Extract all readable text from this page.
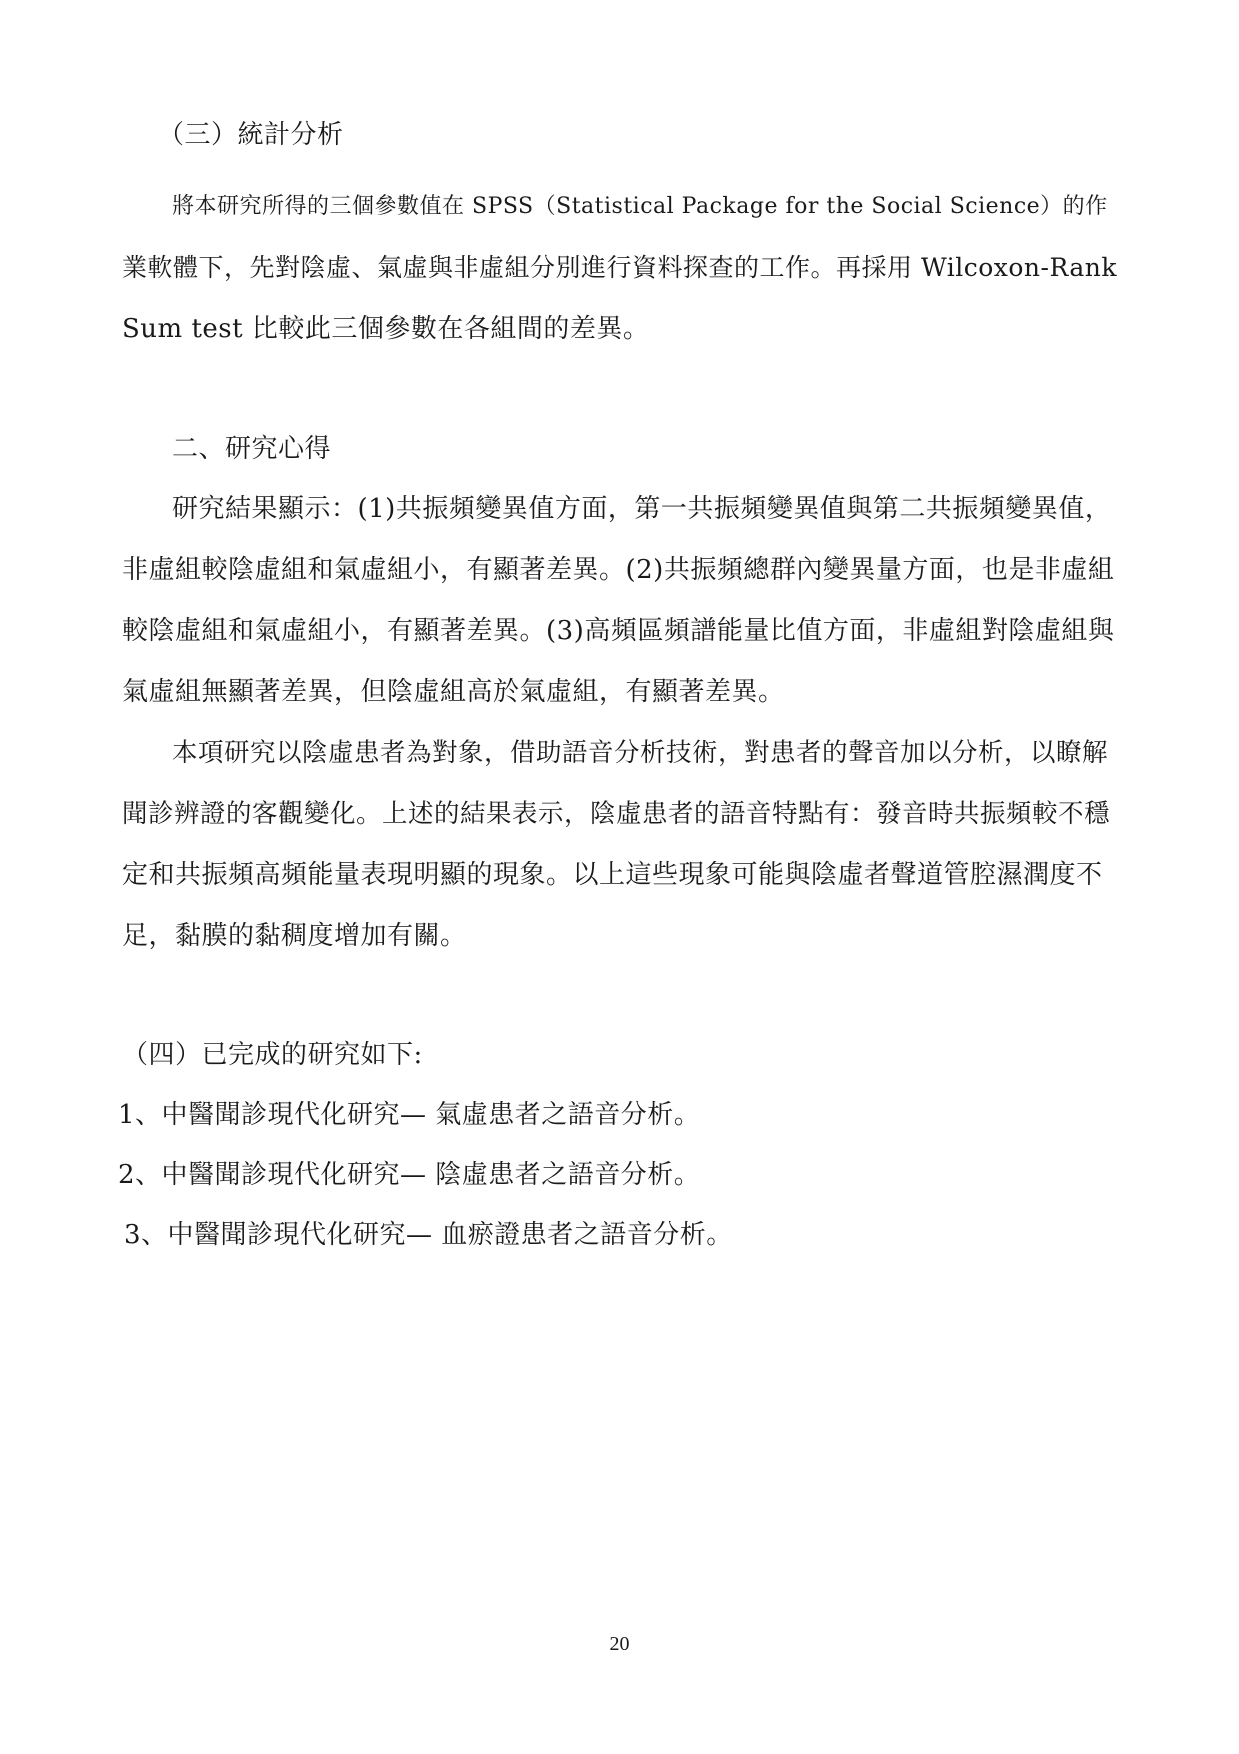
（三）統計分析
將本研究所得的三個參數值在 SPSS（Statistical Package for the Social Science）的作
業軟體下，先對陰虛、氣虛與非虛組分別進行資料探查的工作。再採用 Wilcoxon-Rank
Sum test 比較此三個參數在各組間的差異。
二、研究心得
研究結果顯示：(1)共振頻變異值方面，第一共振頻變異值與第二共振頻變異值，
非虛組較陰虛組和氣虛組小，有顯著差異。(2)共振頻總群內變異量方面，也是非虛組
較陰虛組和氣虛組小，有顯著差異。(3)高頻區頻譜能量比值方面，非虛組對陰虛組與
氣虛組無顯著差異，但陰虛組高於氣虛組，有顯著差異。
本項研究以陰虛患者為對象，借助語音分析技術，對患者的聲音加以分析，以瞭解
聞診辨證的客觀變化。上述的結果表示，陰虛患者的語音特點有：發音時共振頻較不穩
定和共振頻高頻能量表現明顯的現象。以上這些現象可能與陰虛者聲道管腔濕潤度不
足，黏膜的黏稠度增加有關。
（四）已完成的研究如下:
1、中醫聞診現代化研究— 氣虛患者之語音分析。
2、中醫聞診現代化研究— 陰虛患者之語音分析。
3、中醫聞診現代化研究— 血瘀證患者之語音分析。
20
